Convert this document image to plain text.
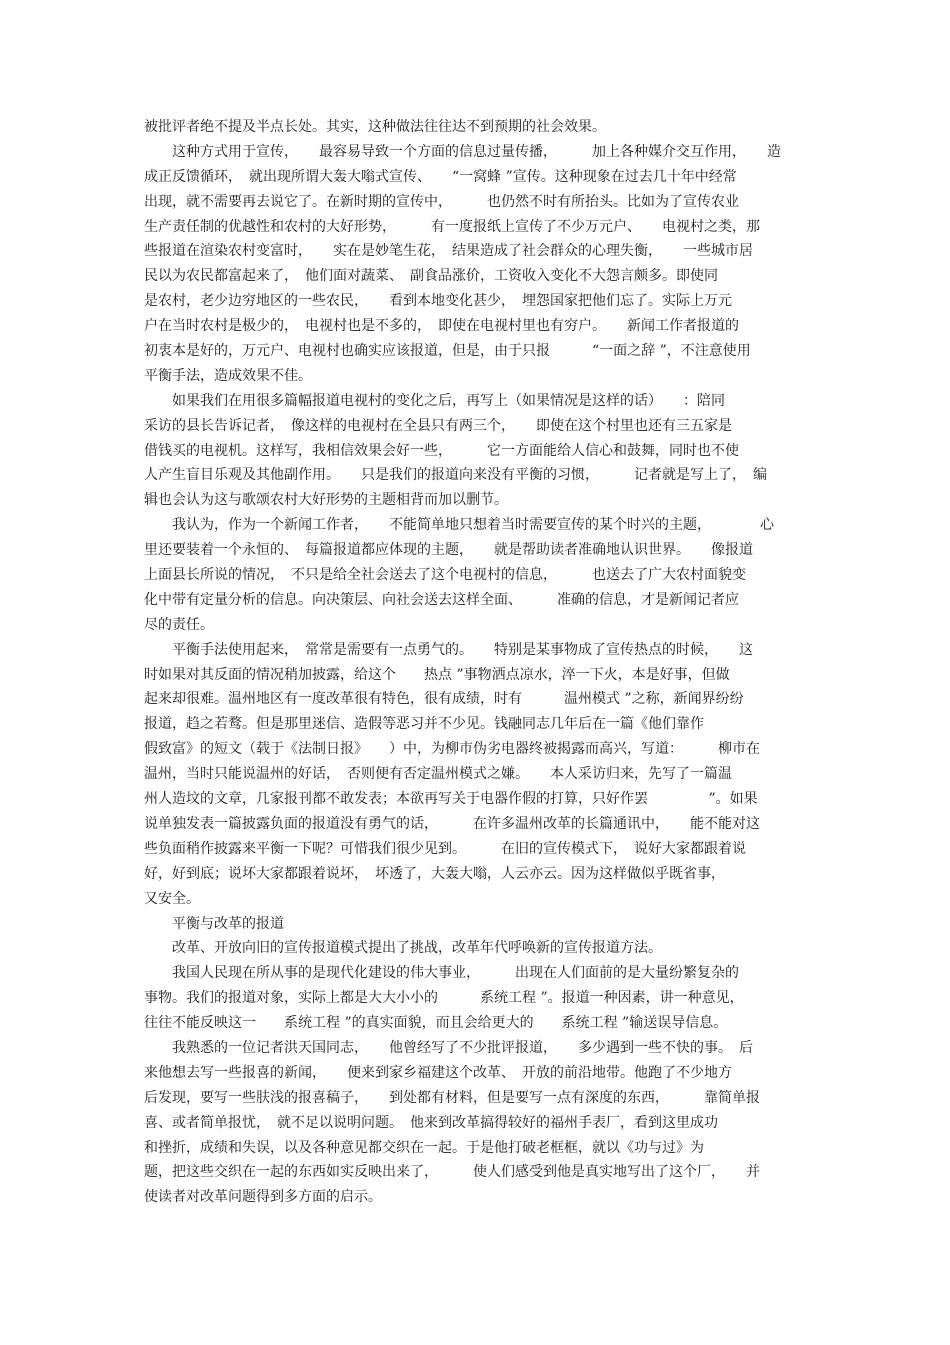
被批评者绝不提及半点长处。其实，这种做法往往达不到预期的社会效果。
　　这种方式用于宣传，　　最容易导致一个方面的信息过量传播，　　　加上各种媒介交互作用，　　造
成正反馈循环，　就出现所谓大轰大嗡式宣传、　　“一窝蜂 ”宣传。这种现象在过去几十年中经常
出现，就不需要再去说它了。在新时期的宣传中，　　　也仍然不时有所抬头。比如为了宣传农业
生产责任制的优越性和农村的大好形势，　　　有一度报纸上宣传了不少万元户、　　电视村之类，那
些报道在渲染农村变富时，　　实在是妙笔生花，　结果造成了社会群众的心理失衡，　　一些城市居
民以为农民都富起来了，　他们面对蔬菜、　副食品涨价，工资收入变化不大怨言颇多。即使同
是农村，老少边穷地区的一些农民，　　看到本地变化甚少，　埋怨国家把他们忘了。实际上万元
户在当时农村是极少的，　电视村也是不多的，　即使在电视村里也有穷户。　　新闻工作者报道的
初衷本是好的，万元户、电视村也确实应该报道，但是，由于只报　　　“一面之辞 ”，不注意使用
平衡手法，造成效果不佳。
　　如果我们在用很多篇幅报道电视村的变化之后，再写上（如果情况是这样的话）　　：陪同
采访的县长告诉记者，　像这样的电视村在全县只有两三个，　　即使在这个村里也还有三五家是
借钱买的电视机。这样写，我相信效果会好一些，　　　它一方面能给人信心和鼓舞，同时也不使
人产生盲目乐观及其他副作用。　　只是我们的报道向来没有平衡的习惯，　　　记者就是写上了，　编
辑也会认为这与歌颂农村大好形势的主题相背而加以删节。
　　我认为，作为一个新闻工作者，　　不能简单地只想着当时需要宣传的某个时兴的主题，　　　　心
里还要装着一个永恒的、　每篇报道都应体现的主题，　　就是帮助读者准确地认识世界。　　像报道
上面县长所说的情况，　不只是给全社会送去了这个电视村的信息，　　　也送去了广大农村面貌变
化中带有定量分析的信息。向决策层、向社会送去这样全面、　　　准确的信息，才是新闻记者应
尽的责任。
　　平衡手法使用起来，　常常是需要有一点勇气的。　　特别是某事物成了宣传热点的时候，　　这
时如果对其反面的情况稍加披露，给这个　　热点 ”事物洒点凉水，淬一下火，本是好事，但做
起来却很难。温州地区有一度改革很有特色，很有成绩，时有　　　温州模式 ”之称，新闻界纷纷
报道，趋之若鹜。但是那里迷信、造假等恶习并不少见。钱融同志几年后在一篇《他们靠作
假致富》的短文（载于《法制日报》　　）中，为柳市伪劣电器终被揭露而高兴，写道：　　　柳市在
温州，当时只能说温州的好话，　否则便有否定温州模式之嫌。　　本人采访归来，先写了一篇温
州人造坟的文章，几家报刊都不敢发表；本欲再写关于电器作假的打算，只好作罢　　　　 ”。如果
说单独发表一篇披露负面的报道没有勇气的话，　　　在许多温州改革的长篇通讯中，　　能不能对这
些负面稍作披露来平衡一下呢？可惜我们很少见到。　　　在旧的宣传模式下，　说好大家都跟着说
好，好到底；说坏大家都跟着说坏，　坏透了，大轰大嗡，人云亦云。因为这样做似乎既省事，
又安全。
　　平衡与改革的报道
　　改革、开放向旧的宣传报道模式提出了挑战，改革年代呼唤新的宣传报道方法。
　　我国人民现在所从事的是现代化建设的伟大事业，　　　出现在人们面前的是大量纷繁复杂的
事物。我们的报道对象，实际上都是大大小小的　　　系统工程 ”。报道一种因素，讲一种意见，
往往不能反映这一　　系统工程 ”的真实面貌，而且会给更大的　　系统工程 ”输送误导信息。
　　我熟悉的一位记者洪天国同志，　　他曾经写了不少批评报道，　　多少遇到一些不快的事。　后
来他想去写一些报喜的新闻，　　便来到家乡福建这个改革、　开放的前沿地带。他跑了不少地方
后发现，要写一些肤浅的报喜稿子，　　到处都有材料，但是要写一点有深度的东西，　　　靠简单报
喜、或者简单报忧，　就不足以说明问题。　他来到改革搞得较好的福州手表厂，看到这里成功
和挫折，成绩和失误，以及各种意见都交织在一起。于是他打破老框框，就以《功与过》为
题，把这些交织在一起的东西如实反映出来了，　　　使人们感受到他是真实地写出了这个厂，　　并
使读者对改革问题得到多方面的启示。
